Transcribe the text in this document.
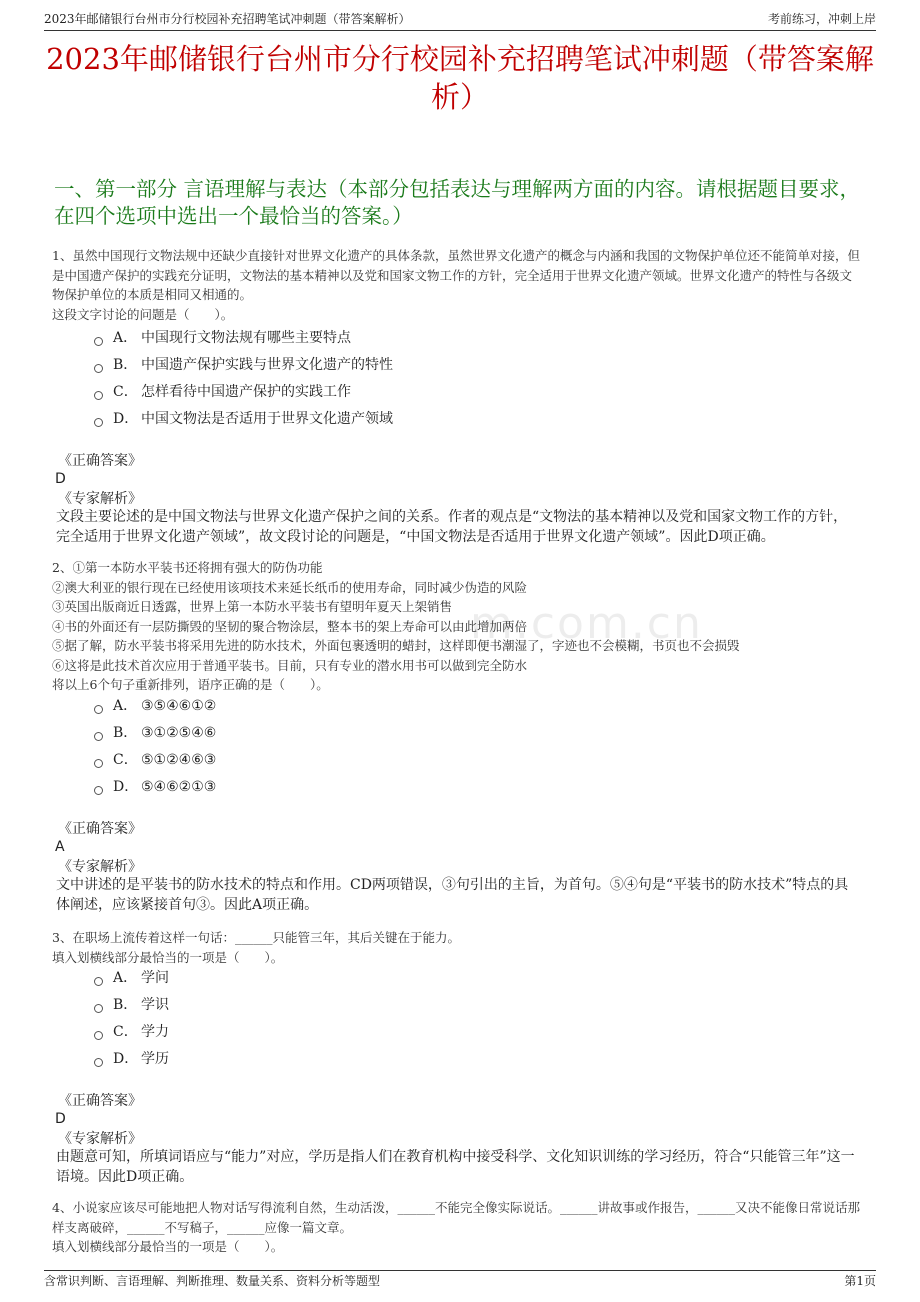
2023年邮储银行台州市分行校园补充招聘笔试冲刺题（带答案解析）	考前练习，冲刺上岸
2023年邮储银行台州市分行校园补充招聘笔试冲刺题（带答案解析）
一、第一部分 言语理解与表达（本部分包括表达与理解两方面的内容。请根据题目要求，在四个选项中选出一个最恰当的答案。）
m.com.cn

1、虽然中国现行文物法规中还缺少直接针对世界文化遗产的具体条款，虽然世界文化遗产的概念与内涵和我国的文物保护单位还不能简单对接，但是中国遗产保护的实践充分证明，文物法的基本精神以及党和国家文物工作的方针，完全适用于世界文化遗产领域。世界文化遗产的特性与各级文物保护单位的本质是相同又相通的。

这段文字讨论的问题是（　　）。

A． 中国现行文物法规有哪些主要特点
B． 中国遗产保护实践与世界文化遗产的特性
C． 怎样看待中国遗产保护的实践工作
D． 中国文物法是否适用于世界文化遗产领域
《正确答案》
D
《专家解析》

文段主要论述的是中国文物法与世界文化遗产保护之间的关系。作者的观点是“文物法的基本精神以及党和国家文物工作的方针，完全适用于世界文化遗产领域”，故文段讨论的问题是，“中国文物法是否适用于世界文化遗产领域”。因此D项正确。

2、①第一本防水平装书还将拥有强大的防伪功能

②澳大利亚的银行现在已经使用该项技术来延长纸币的使用寿命，同时减少伪造的风险

③英国出版商近日透露，世界上第一本防水平装书有望明年夏天上架销售

④书的外面还有一层防撕毁的坚韧的聚合物涂层，整本书的架上寿命可以由此增加两倍

⑤据了解，防水平装书将采用先进的防水技术，外面包裹透明的蜡封，这样即便书潮湿了，字迹也不会模糊，书页也不会损毁

⑥这将是此技术首次应用于普通平装书。目前，只有专业的潜水用书可以做到完全防水

将以上6个句子重新排列，语序正确的是（　　）。

A． ③⑤④⑥①②
B． ③①②⑤④⑥
C． ⑤①②④⑥③
D． ⑤④⑥②①③
《正确答案》
A
《专家解析》

文中讲述的是平装书的防水技术的特点和作用。CD两项错误，③句引出的主旨，为首句。⑤④句是“平装书的防水技术”特点的具体阐述，应该紧接首句③。因此A项正确。

3、在职场上流传着这样一句话：______只能管三年，其后关键在于能力。

填入划横线部分最恰当的一项是（　　）。

A． 学问
B． 学识
C． 学力
D． 学历
《正确答案》
D
《专家解析》

由题意可知，所填词语应与“能力”对应，学历是指人们在教育机构中接受科学、文化知识训练的学习经历，符合“只能管三年”这一语境。因此D项正确。

4、小说家应该尽可能地把人物对话写得流利自然，生动活泼，______不能完全像实际说话。______讲故事或作报告，______又决不能像日常说话那样支离破碎，______不写稿子，______应像一篇文章。

填入划横线部分最恰当的一项是（　　）。

含常识判断、言语理解、判断推理、数量关系、资料分析等题型	第1页
